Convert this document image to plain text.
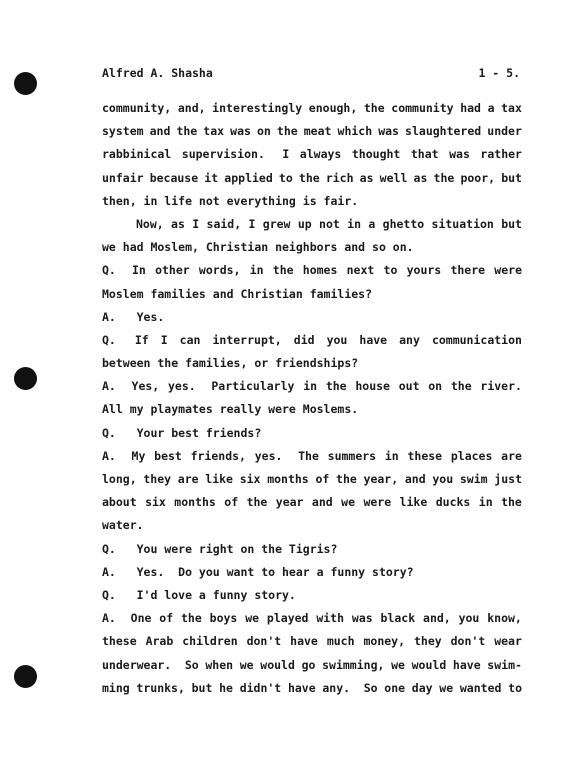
Alfred A. Shasha	1 - 5.
community, and, interestingly enough, the community had a tax
system and the tax was on the meat which was slaughtered under
rabbinical supervision. I always thought that was rather
unfair because it applied to the rich as well as the poor, but
then, in life not everything is fair.
Now, as I said, I grew up not in a ghetto situation but
we had Moslem, Christian neighbors and so on.
Q. In other words, in the homes next to yours there were
Moslem families and Christian families?
A.   Yes.
Q. If I can interrupt, did you have any communication
between the families, or friendships?
A. Yes, yes. Particularly in the house out on the river.
All my playmates really were Moslems.
Q.   Your best friends?
A. My best friends, yes. The summers in these places are
long, they are like six months of the year, and you swim just
about six months of the year and we were like ducks in the
water.
Q.   You were right on the Tigris?
A.   Yes.  Do you want to hear a funny story?
Q.   I'd love a funny story.
A. One of the boys we played with was black and, you know,
these Arab children don't have much money, they don't wear
underwear. So when we would go swimming, we would have swim-
ming trunks, but he didn't have any. So one day we wanted to
